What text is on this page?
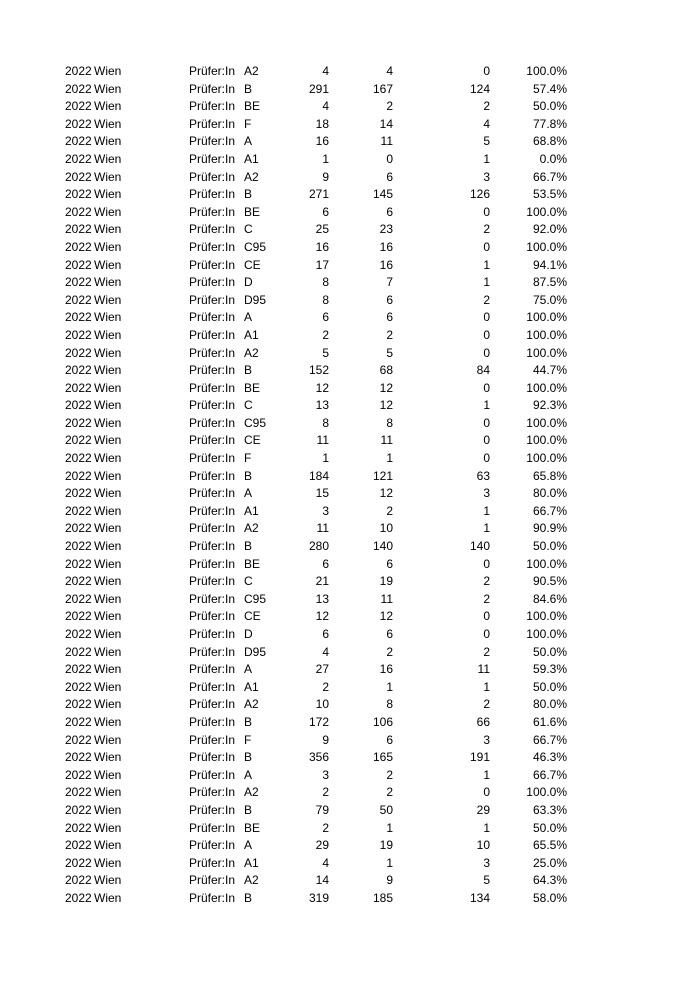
2022 Wien	Prüfer:In A2	4	4	0	100.0%
2022 Wien	Prüfer:In B	291	167	124	57.4%
2022 Wien	Prüfer:In BE	4	2	2	50.0%
2022 Wien	Prüfer:In F	18	14	4	77.8%
2022 Wien	Prüfer:In A	16	11	5	68.8%
2022 Wien	Prüfer:In A1	1	0	1	0.0%
2022 Wien	Prüfer:In A2	9	6	3	66.7%
2022 Wien	Prüfer:In B	271	145	126	53.5%
2022 Wien	Prüfer:In BE	6	6	0	100.0%
2022 Wien	Prüfer:In C	25	23	2	92.0%
2022 Wien	Prüfer:In C95	16	16	0	100.0%
2022 Wien	Prüfer:In CE	17	16	1	94.1%
2022 Wien	Prüfer:In D	8	7	1	87.5%
2022 Wien	Prüfer:In D95	8	6	2	75.0%
2022 Wien	Prüfer:In A	6	6	0	100.0%
2022 Wien	Prüfer:In A1	2	2	0	100.0%
2022 Wien	Prüfer:In A2	5	5	0	100.0%
2022 Wien	Prüfer:In B	152	68	84	44.7%
2022 Wien	Prüfer:In BE	12	12	0	100.0%
2022 Wien	Prüfer:In C	13	12	1	92.3%
2022 Wien	Prüfer:In C95	8	8	0	100.0%
2022 Wien	Prüfer:In CE	11	11	0	100.0%
2022 Wien	Prüfer:In F	1	1	0	100.0%
2022 Wien	Prüfer:In B	184	121	63	65.8%
2022 Wien	Prüfer:In A	15	12	3	80.0%
2022 Wien	Prüfer:In A1	3	2	1	66.7%
2022 Wien	Prüfer:In A2	11	10	1	90.9%
2022 Wien	Prüfer:In B	280	140	140	50.0%
2022 Wien	Prüfer:In BE	6	6	0	100.0%
2022 Wien	Prüfer:In C	21	19	2	90.5%
2022 Wien	Prüfer:In C95	13	11	2	84.6%
2022 Wien	Prüfer:In CE	12	12	0	100.0%
2022 Wien	Prüfer:In D	6	6	0	100.0%
2022 Wien	Prüfer:In D95	4	2	2	50.0%
2022 Wien	Prüfer:In A	27	16	11	59.3%
2022 Wien	Prüfer:In A1	2	1	1	50.0%
2022 Wien	Prüfer:In A2	10	8	2	80.0%
2022 Wien	Prüfer:In B	172	106	66	61.6%
2022 Wien	Prüfer:In F	9	6	3	66.7%
2022 Wien	Prüfer:In B	356	165	191	46.3%
2022 Wien	Prüfer:In A	3	2	1	66.7%
2022 Wien	Prüfer:In A2	2	2	0	100.0%
2022 Wien	Prüfer:In B	79	50	29	63.3%
2022 Wien	Prüfer:In BE	2	1	1	50.0%
2022 Wien	Prüfer:In A	29	19	10	65.5%
2022 Wien	Prüfer:In A1	4	1	3	25.0%
2022 Wien	Prüfer:In A2	14	9	5	64.3%
2022 Wien	Prüfer:In B	319	185	134	58.0%
